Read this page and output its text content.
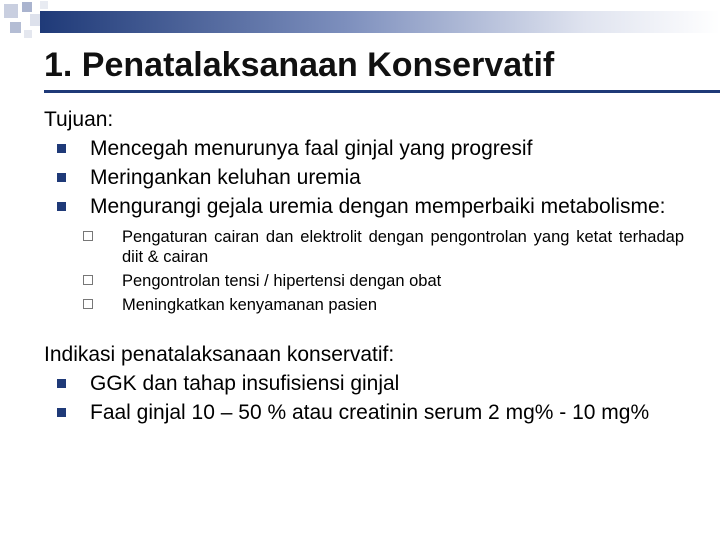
1. Penatalaksanaan Konservatif

Tujuan:

Mencegah menurunya faal ginjal yang progresif
Meringankan keluhan uremia
Mengurangi gejala uremia dengan memperbaiki metabolisme:
Pengaturan cairan dan elektrolit dengan pengontrolan yang ketat terhadap diit & cairan
Pengontrolan tensi / hipertensi dengan obat
Meningkatkan kenyamanan pasien

Indikasi penatalaksanaan konservatif:

GGK dan tahap insufisiensi ginjal
Faal ginjal 10 – 50 % atau creatinin serum 2 mg% - 10 mg%
